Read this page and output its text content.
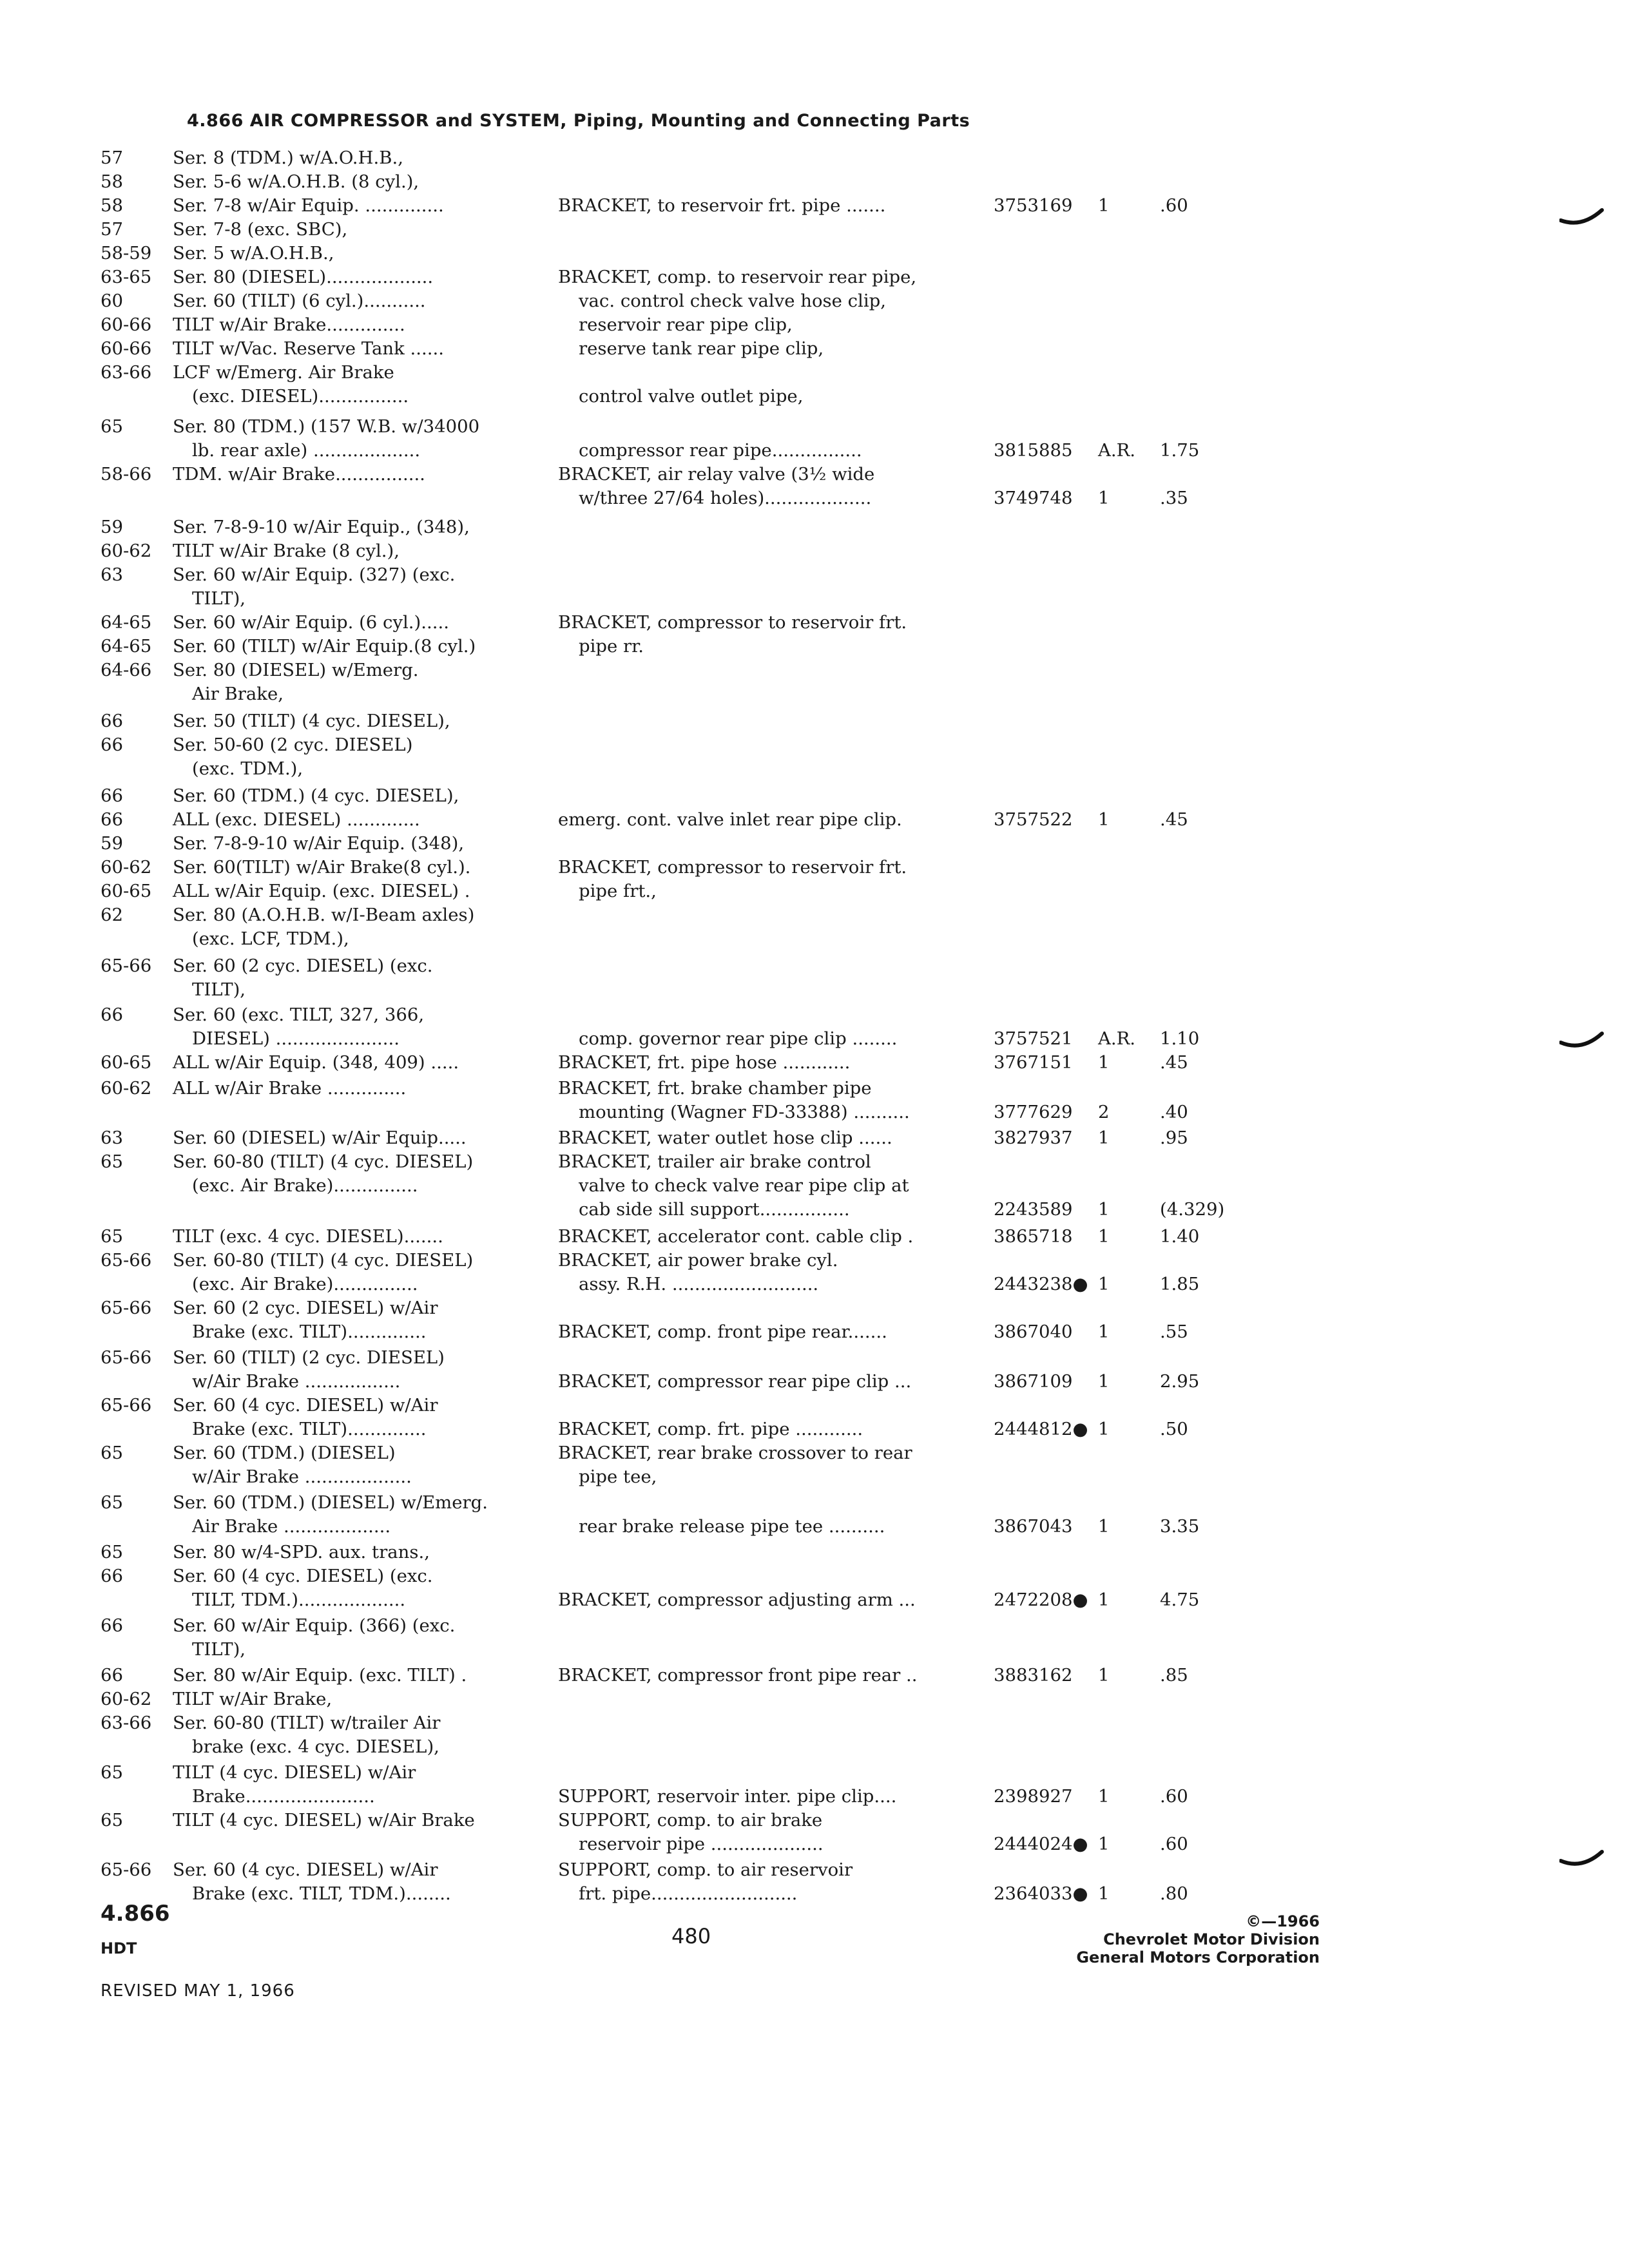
4.866 AIR COMPRESSOR and SYSTEM, Piping, Mounting and Connecting Parts
57	Ser. 8 (TDM.) w/A.O.H.B.,
58	Ser. 5-6 w/A.O.H.B. (8 cyl.),
58	Ser. 7-8 w/Air Equip. ..............	BRACKET, to reservoir frt. pipe .......	3753169 1	.60
57	Ser. 7-8 (exc. SBC),
58-59 Ser. 5 w/A.O.H.B.,
63-65 Ser. 80 (DIESEL)...................	BRACKET, comp. to reservoir rear pipe,
60	Ser. 60 (TILT) (6 cyl.)...........	vac. control check valve hose clip,
60-66 TILT w/Air Brake..............	reservoir rear pipe clip,
60-66 TILT w/Vac. Reserve Tank ......	reserve tank rear pipe clip,
63-66 LCF w/Emerg. Air Brake
(exc. DIESEL)................	control valve outlet pipe,
65	Ser. 80 (TDM.) (157 W.B. w/34000
lb. rear axle) ...................	compressor rear pipe................	3815885 A.R. 1.75
58-66 TDM. w/Air Brake................	BRACKET, air relay valve (3½ wide
w/three 27/64 holes)...................	3749748 1	.35
59	Ser. 7-8-9-10 w/Air Equip., (348),
60-62 TILT w/Air Brake (8 cyl.),
63	Ser. 60 w/Air Equip. (327) (exc.
TILT),
64-65 Ser. 60 w/Air Equip. (6 cyl.).....	BRACKET, compressor to reservoir frt.
64-65 Ser. 60 (TILT) w/Air Equip.(8 cyl.)	pipe rr.
64-66 Ser. 80 (DIESEL) w/Emerg.
Air Brake,
66	Ser. 50 (TILT) (4 cyc. DIESEL),
66	Ser. 50-60 (2 cyc. DIESEL)
(exc. TDM.),
66	Ser. 60 (TDM.) (4 cyc. DIESEL),
66	ALL (exc. DIESEL) .............	emerg. cont. valve inlet rear pipe clip.	3757522 1	.45
59	Ser. 7-8-9-10 w/Air Equip. (348),
60-62 Ser. 60(TILT) w/Air Brake(8 cyl.).	BRACKET, compressor to reservoir frt.
60-65 ALL w/Air Equip. (exc. DIESEL) .	pipe frt.,
62	Ser. 80 (A.O.H.B. w/I-Beam axles)
(exc. LCF, TDM.),
65-66 Ser. 60 (2 cyc. DIESEL) (exc.
TILT),
66	Ser. 60 (exc. TILT, 327, 366,
DIESEL) ......................	comp. governor rear pipe clip ........	3757521 A.R. 1.10
60-65 ALL w/Air Equip. (348, 409) .....	BRACKET, frt. pipe hose ............	3767151 1	.45
60-62 ALL w/Air Brake ..............	BRACKET, frt. brake chamber pipe
mounting (Wagner FD-33388) ..........	3777629 2	.40
63	Ser. 60 (DIESEL) w/Air Equip.....	BRACKET, water outlet hose clip ......	3827937 1	.95
65	Ser. 60-80 (TILT) (4 cyc. DIESEL)	BRACKET, trailer air brake control
(exc. Air Brake)...............	valve to check valve rear pipe clip at
cab side sill support................	2243589 1	(4.329)
65	TILT (exc. 4 cyc. DIESEL).......	BRACKET, accelerator cont. cable clip .	3865718 1	1.40
65-66 Ser. 60-80 (TILT) (4 cyc. DIESEL)	BRACKET, air power brake cyl.
(exc. Air Brake)...............	assy. R.H. ..........................	2443238● 1	1.85
65-66 Ser. 60 (2 cyc. DIESEL) w/Air
Brake (exc. TILT)..............	BRACKET, comp. front pipe rear.......	3867040 1	.55
65-66 Ser. 60 (TILT) (2 cyc. DIESEL)
w/Air Brake .................	BRACKET, compressor rear pipe clip ...	3867109 1	2.95
65-66 Ser. 60 (4 cyc. DIESEL) w/Air
Brake (exc. TILT)..............	BRACKET, comp. frt. pipe ............	2444812● 1	.50
65	Ser. 60 (TDM.) (DIESEL)	BRACKET, rear brake crossover to rear
w/Air Brake ...................	pipe tee,
65	Ser. 60 (TDM.) (DIESEL) w/Emerg.
Air Brake ...................	rear brake release pipe tee ..........	3867043 1	3.35
65	Ser. 80 w/4-SPD. aux. trans.,
66	Ser. 60 (4 cyc. DIESEL) (exc.
TILT, TDM.)...................	BRACKET, compressor adjusting arm ...	2472208● 1	4.75
66	Ser. 60 w/Air Equip. (366) (exc.
TILT),
66	Ser. 80 w/Air Equip. (exc. TILT) .	BRACKET, compressor front pipe rear ..	3883162 1	.85
60-62 TILT w/Air Brake,
63-66 Ser. 60-80 (TILT) w/trailer Air
brake (exc. 4 cyc. DIESEL),
65	TILT (4 cyc. DIESEL) w/Air
Brake.......................	SUPPORT, reservoir inter. pipe clip....	2398927 1	.60
65	TILT (4 cyc. DIESEL) w/Air Brake	SUPPORT, comp. to air brake
reservoir pipe ....................	2444024● 1	.60
65-66 Ser. 60 (4 cyc. DIESEL) w/Air	SUPPORT, comp. to air reservoir
Brake (exc. TILT, TDM.)........	frt. pipe..........................	2364033● 1	.80
4.866
HDT
REVISED MAY 1, 1966
480
©—1966
Chevrolet Motor Division
General Motors Corporation
